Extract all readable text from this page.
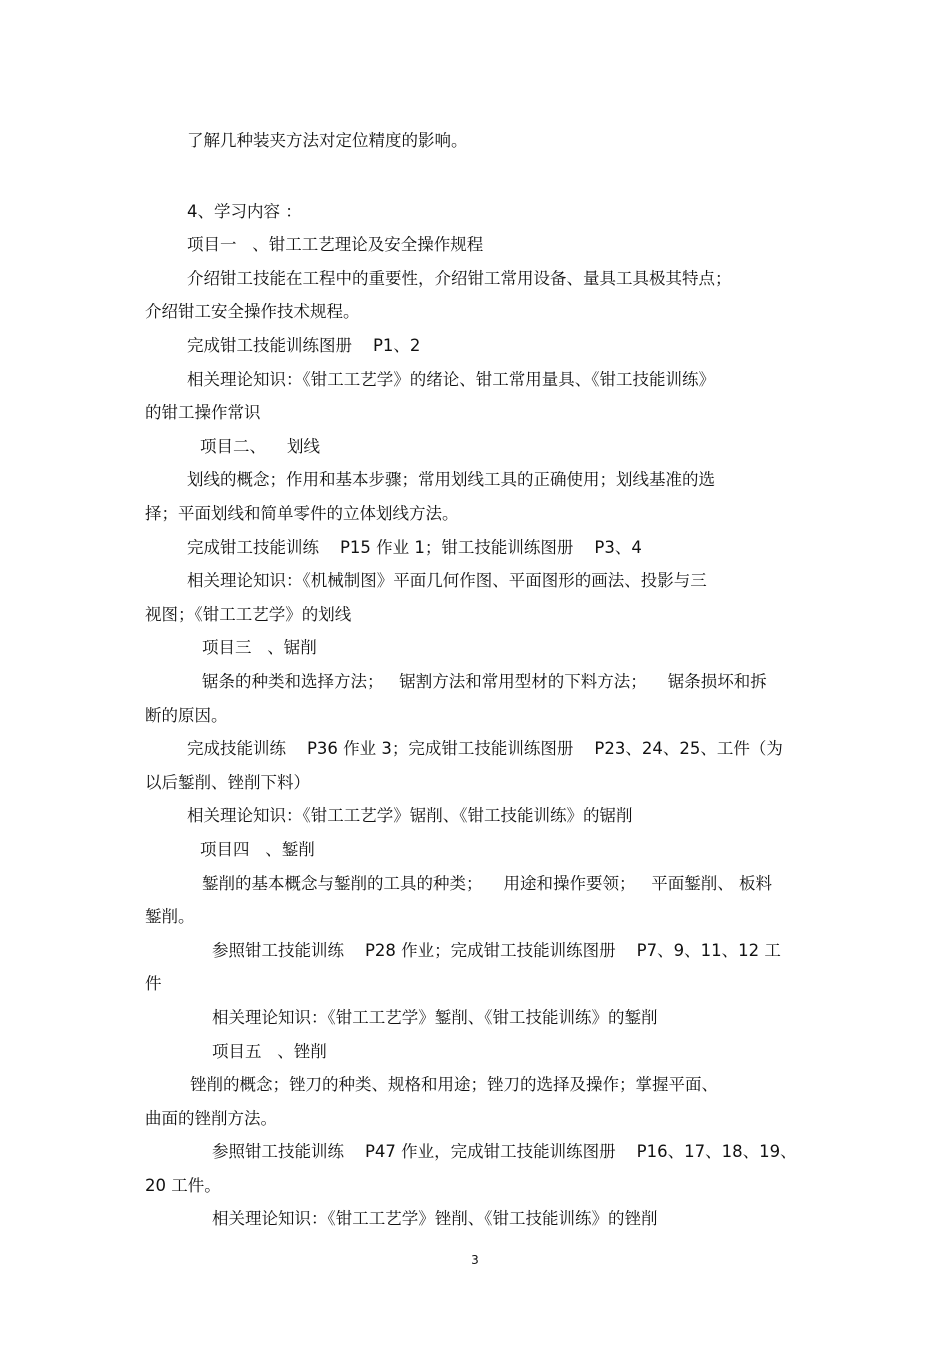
了解几种装夹方法对定位精度的影响。

4、学习内容 ：

项目一   、钳工工艺理论及安全操作规程

介绍钳工技能在工程中的重要性，介绍钳工常用设备、量具工具极其特点；

介绍钳工安全操作技术规程。

完成钳工技能训练图册    P1、2

相关理论知识：《钳工工艺学》的绪论、钳工常用量具、《钳工技能训练》

的钳工操作常识

项目二、    划线

划线的概念；作用和基本步骤；常用划线工具的正确使用；划线基准的选

择；平面划线和简单零件的立体划线方法。

完成钳工技能训练    P15 作业 1；钳工技能训练图册    P3、4

相关理论知识：《机械制图》平面几何作图、平面图形的画法、投影与三

视图；《钳工工艺学》的划线

项目三   、锯削

锯条的种类和选择方法；   锯割方法和常用型材的下料方法；    锯条损坏和拆

断的原因。

完成技能训练    P36 作业 3；完成钳工技能训练图册    P23、24、25、工件（为

以后錾削、锉削下料）

相关理论知识：《钳工工艺学》锯削、《钳工技能训练》的锯削

项目四   、錾削

錾削的基本概念与錾削的工具的种类；    用途和操作要领；   平面錾削、 板料

錾削。

参照钳工技能训练    P28 作业；完成钳工技能训练图册    P7、9、11、12 工

件

相关理论知识：《钳工工艺学》錾削、《钳工技能训练》的錾削

项目五   、锉削

锉削的概念；锉刀的种类、规格和用途；锉刀的选择及操作；掌握平面、

曲面的锉削方法。

参照钳工技能训练    P47 作业，完成钳工技能训练图册    P16、17、18、19、

20 工件。

相关理论知识：《钳工工艺学》锉削、《钳工技能训练》的锉削

3
